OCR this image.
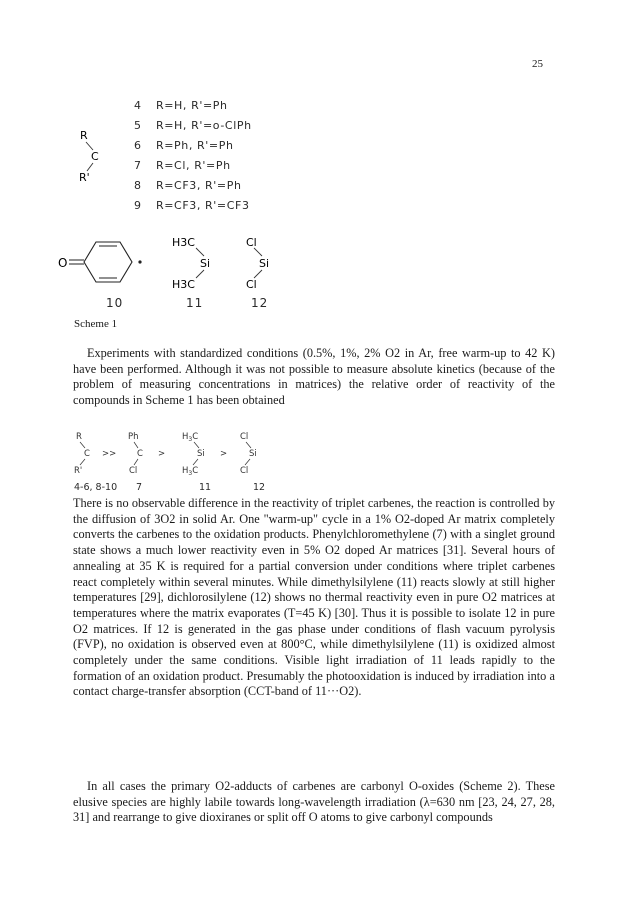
25
4 R=H, R'=Ph
5 R=H, R'=o-ClPh
6 R=Ph, R'=Ph
7 R=Cl, R'=Ph
8 R=CF3, R'=Ph
9 R=CF3, R'=CF3
R
C
R'
O
H3C
Si
H3C
Cl
Si
Cl
10	11	12
Scheme 1

Experiments with standardized conditions (0.5%, 1%, 2% O2 in Ar, free warm-up to 42 K) have been performed. Although it was not possible to measure absolute kinetics (because of the problem of measuring concentrations in matrices) the relative order of reactivity of the compounds in Scheme 1 has been obtained

R
C
R'
>>
Ph
C
Cl
>
$H_3C$
Si
$H_3C$
>
Cl
Si
Cl
4-6, 8-10 7	11	12

There is no observable difference in the reactivity of triplet carbenes, the reaction is controlled by the diffusion of 3O2 in solid Ar. One "warm-up" cycle in a 1% O2-doped Ar matrix completely converts the carbenes to the oxidation products. Phenylchloromethylene (7) with a singlet ground state shows a much lower reactivity even in 5% O2 doped Ar matrices [31]. Several hours of annealing at 35 K is required for a partial conversion under conditions where triplet carbenes react completely within several minutes. While dimethylsilylene (11) reacts slowly at still higher temperatures [29], dichlorosilylene (12) shows no thermal reactivity even in pure O2 matrices at temperatures where the matrix evaporates (T=45 K) [30]. Thus it is possible to isolate 12 in pure O2 matrices. If 12 is generated in the gas phase under conditions of flash vacuum pyrolysis (FVP), no oxidation is observed even at 800°C, while dimethylsilylene (11) is oxidized almost completely under the same conditions. Visible light irradiation of 11 leads rapidly to the formation of an oxidation product. Presumably the photooxidation is induced by irradiation into a contact charge-transfer absorption (CCT-band of 11···O2).

In all cases the primary O2-adducts of carbenes are carbonyl O-oxides (Scheme 2). These elusive species are highly labile towards long-wavelength irradiation (λ=630 nm [23, 24, 27, 28, 31] and rearrange to give dioxiranes or split off O atoms to give carbonyl compounds
